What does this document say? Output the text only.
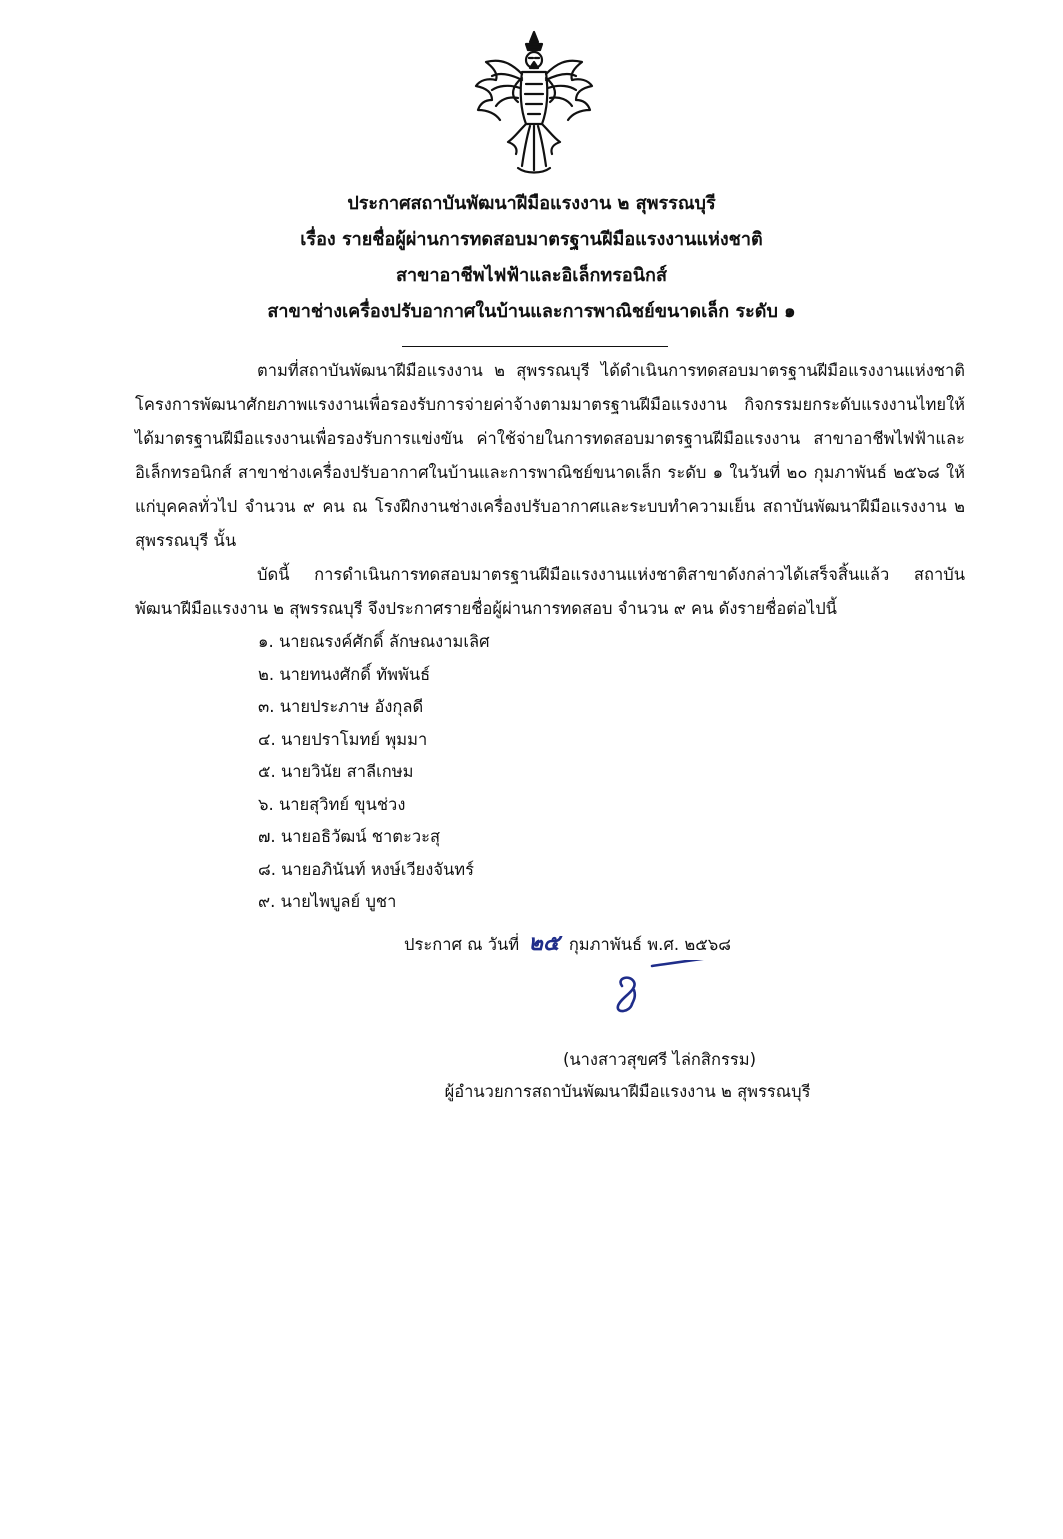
ประกาศสถาบันพัฒนาฝีมือแรงงาน ๒ สุพรรณบุรี
เรื่อง รายชื่อผู้ผ่านการทดสอบมาตรฐานฝีมือแรงงานแห่งชาติ
สาขาอาชีพไฟฟ้าและอิเล็กทรอนิกส์
สาขาช่างเครื่องปรับอากาศในบ้านและการพาณิชย์ขนาดเล็ก ระดับ ๑
ตามที่สถาบันพัฒนาฝีมือแรงงาน ๒ สุพรรณบุรี ได้ดำเนินการทดสอบมาตรฐานฝีมือแรงงานแห่งชาติ โครงการพัฒนาศักยภาพแรงงานเพื่อรองรับการจ่ายค่าจ้างตามมาตรฐานฝีมือแรงงาน กิจกรรมยกระดับแรงงานไทยให้ได้มาตรฐานฝีมือแรงงานเพื่อรองรับการแข่งขัน ค่าใช้จ่ายในการทดสอบมาตรฐานฝีมือแรงงาน สาขาอาชีพไฟฟ้าและอิเล็กทรอนิกส์ สาขาช่างเครื่องปรับอากาศในบ้านและการพาณิชย์ขนาดเล็ก ระดับ ๑ ในวันที่ ๒๐ กุมภาพันธ์ ๒๕๖๘ ให้แก่บุคคลทั่วไป จำนวน ๙ คน ณ โรงฝึกงานช่างเครื่องปรับอากาศและระบบทำความเย็น สถาบันพัฒนาฝีมือแรงงาน ๒ สุพรรณบุรี นั้น
บัดนี้ การดำเนินการทดสอบมาตรฐานฝีมือแรงงานแห่งชาติสาขาดังกล่าวได้เสร็จสิ้นแล้ว สถาบันพัฒนาฝีมือแรงงาน ๒ สุพรรณบุรี จึงประกาศรายชื่อผู้ผ่านการทดสอบ จำนวน ๙ คน ดังรายชื่อต่อไปนี้
๑. นายณรงค์ศักดิ์ ลักษณงามเลิศ
๒. นายทนงศักดิ์ ทัพพันธ์
๓. นายประภาษ อังกุลดี
๔. นายปราโมทย์ พุมมา
๕. นายวินัย สาลีเกษม
๖. นายสุวิทย์ ขุนช่วง
๗. นายอธิวัฒน์ ชาตะวะสุ
๘. นายอภินันท์ หงษ์เวียงจันทร์
๙. นายไพบูลย์ บูชา
ประกาศ ณ วันที่ ๒๕ กุมภาพันธ์ พ.ศ. ๒๕๖๘
(นางสาวสุขศรี ไล่กสิกรรม)
ผู้อำนวยการสถาบันพัฒนาฝีมือแรงงาน ๒ สุพรรณบุรี
